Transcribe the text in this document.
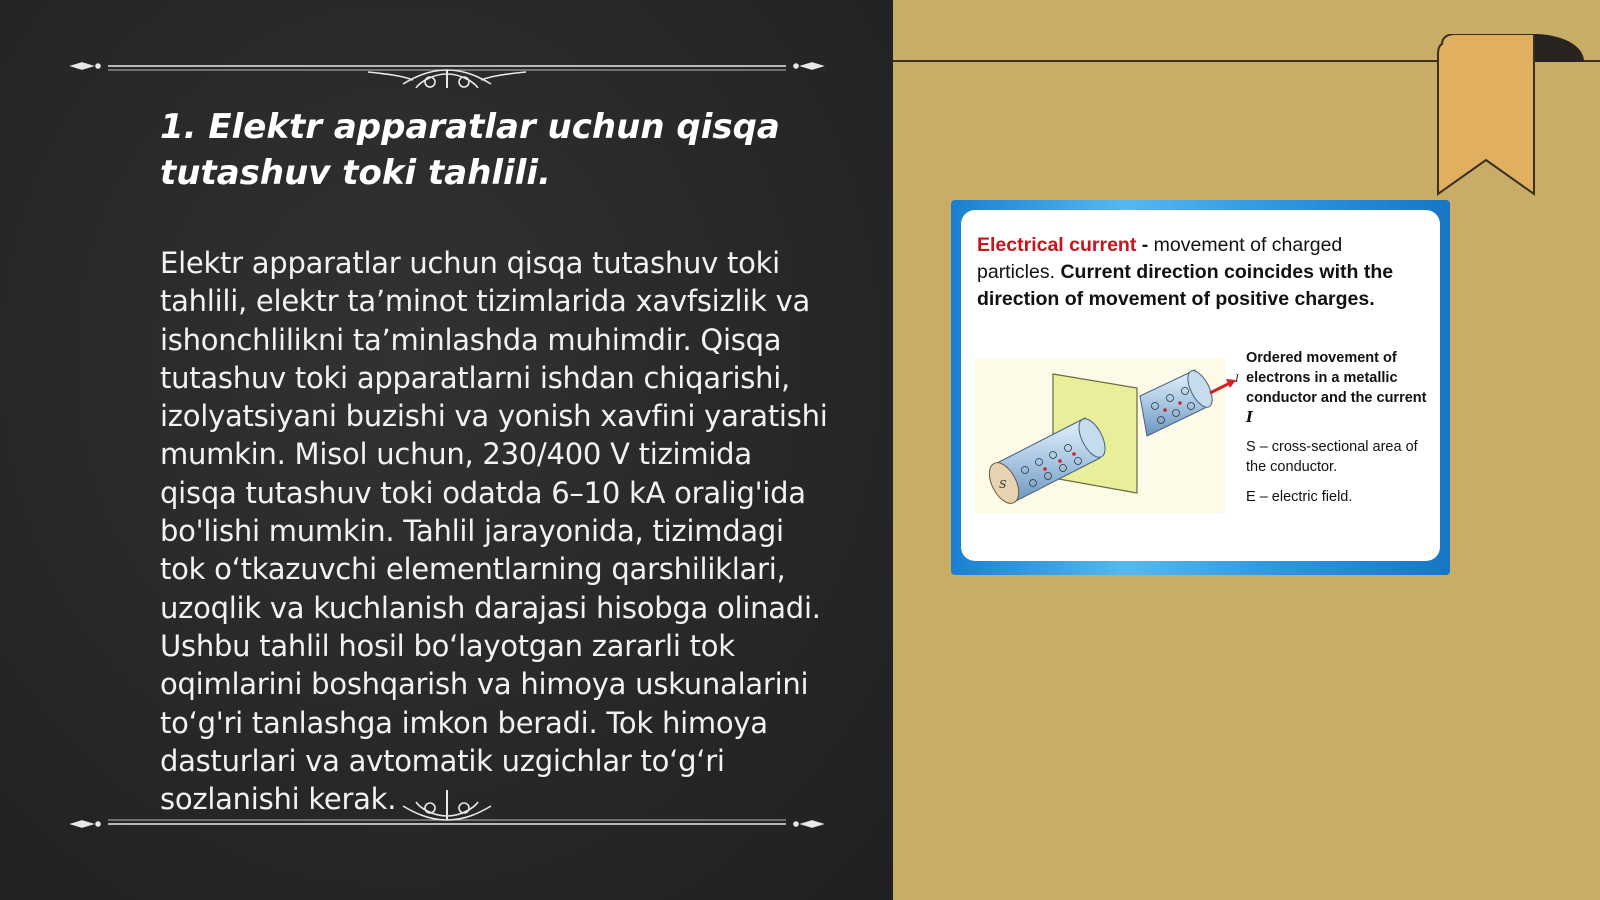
1. Elektr apparatlar uchun qisqa tutashuv toki tahlili.

Elektr apparatlar uchun qisqa tutashuv toki tahlili, elektr ta’minot tizimlarida xavfsizlik va ishonchlilikni ta’minlashda muhimdir. Qisqa tutashuv toki apparatlarni ishdan chiqarishi, izolyatsiyani buzishi va yonish xavfini yaratishi mumkin. Misol uchun, 230/400 V tizimida qisqa tutashuv toki odatda 6–10 kA oralig'ida bo'lishi mumkin. Tahlil jarayonida, tizimdagi tok o‘tkazuvchi elementlarning qarshiliklari, uzoqlik va kuchlanish darajasi hisobga olinadi. Ushbu tahlil hosil bo‘layotgan zararli tok oqimlarini boshqarish va himoya uskunalarini to‘g'ri tanlashga imkon beradi. Tok himoya dasturlari va avtomatik uzgichlar to‘g‘ri sozlanishi kerak.

Electrical current - movement of charged particles. Current direction coincides with the direction of movement of positive charges.

S
I

Ordered movement of electrons in a metallic conductor and the current I

S – cross-sectional area of the conductor.

E – electric field.
